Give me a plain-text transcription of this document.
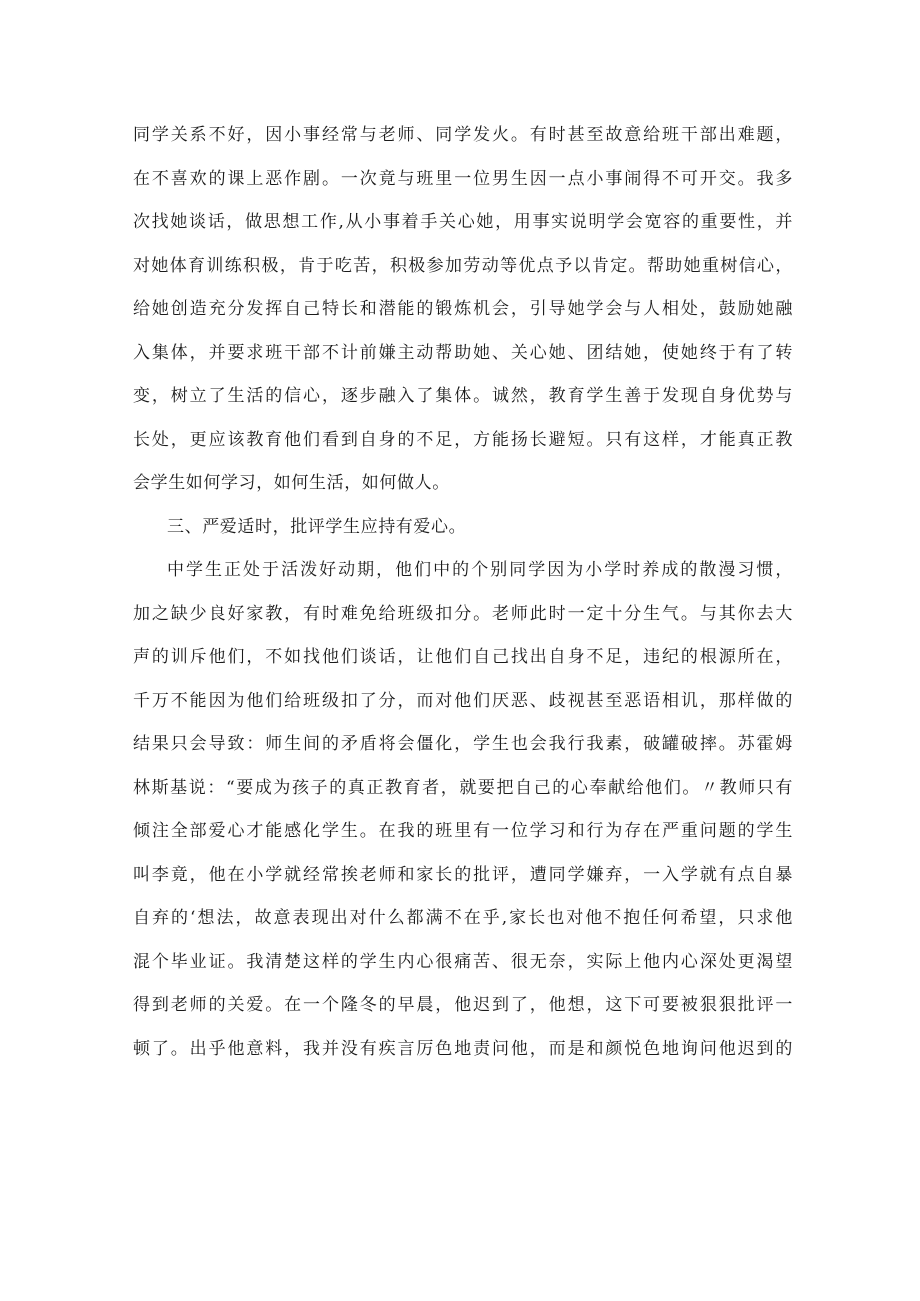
同学关系不好，因小事经常与老师、同学发火。有时甚至故意给班干部出难题，
在不喜欢的课上恶作剧。一次竟与班里一位男生因一点小事闹得不可开交。我多
次找她谈话，做思想工作,从小事着手关心她，用事实说明学会宽容的重要性，并
对她体育训练积极，肯于吃苦，积极参加劳动等优点予以肯定。帮助她重树信心，
给她创造充分发挥自己特长和潜能的锻炼机会，引导她学会与人相处，鼓励她融
入集体，并要求班干部不计前嫌主动帮助她、关心她、团结她，使她终于有了转
变，树立了生活的信心，逐步融入了集体。诚然，教育学生善于发现自身优势与
长处，更应该教育他们看到自身的不足，方能扬长避短。只有这样，才能真正教
会学生如何学习，如何生活，如何做人。
三、严爱适时，批评学生应持有爱心。
中学生正处于活泼好动期，他们中的个别同学因为小学时养成的散漫习惯，
加之缺少良好家教，有时难免给班级扣分。老师此时一定十分生气。与其你去大
声的训斥他们，不如找他们谈话，让他们自己找出自身不足，违纪的根源所在，
千万不能因为他们给班级扣了分，而对他们厌恶、歧视甚至恶语相讥，那样做的
结果只会导致：师生间的矛盾将会僵化，学生也会我行我素，破罐破摔。苏霍姆
林斯基说：“要成为孩子的真正教育者，就要把自己的心奉献给他们。〃教师只有
倾注全部爱心才能感化学生。在我的班里有一位学习和行为存在严重问题的学生
叫李竟，他在小学就经常挨老师和家长的批评，遭同学嫌弃，一入学就有点自暴
自弃的‘想法，故意表现出对什么都满不在乎,家长也对他不抱任何希望，只求他
混个毕业证。我清楚这样的学生内心很痛苦、很无奈，实际上他内心深处更渴望
得到老师的关爱。在一个隆冬的早晨，他迟到了，他想，这下可要被狠狠批评一
顿了。出乎他意料，我并没有疾言厉色地责问他，而是和颜悦色地询问他迟到的
